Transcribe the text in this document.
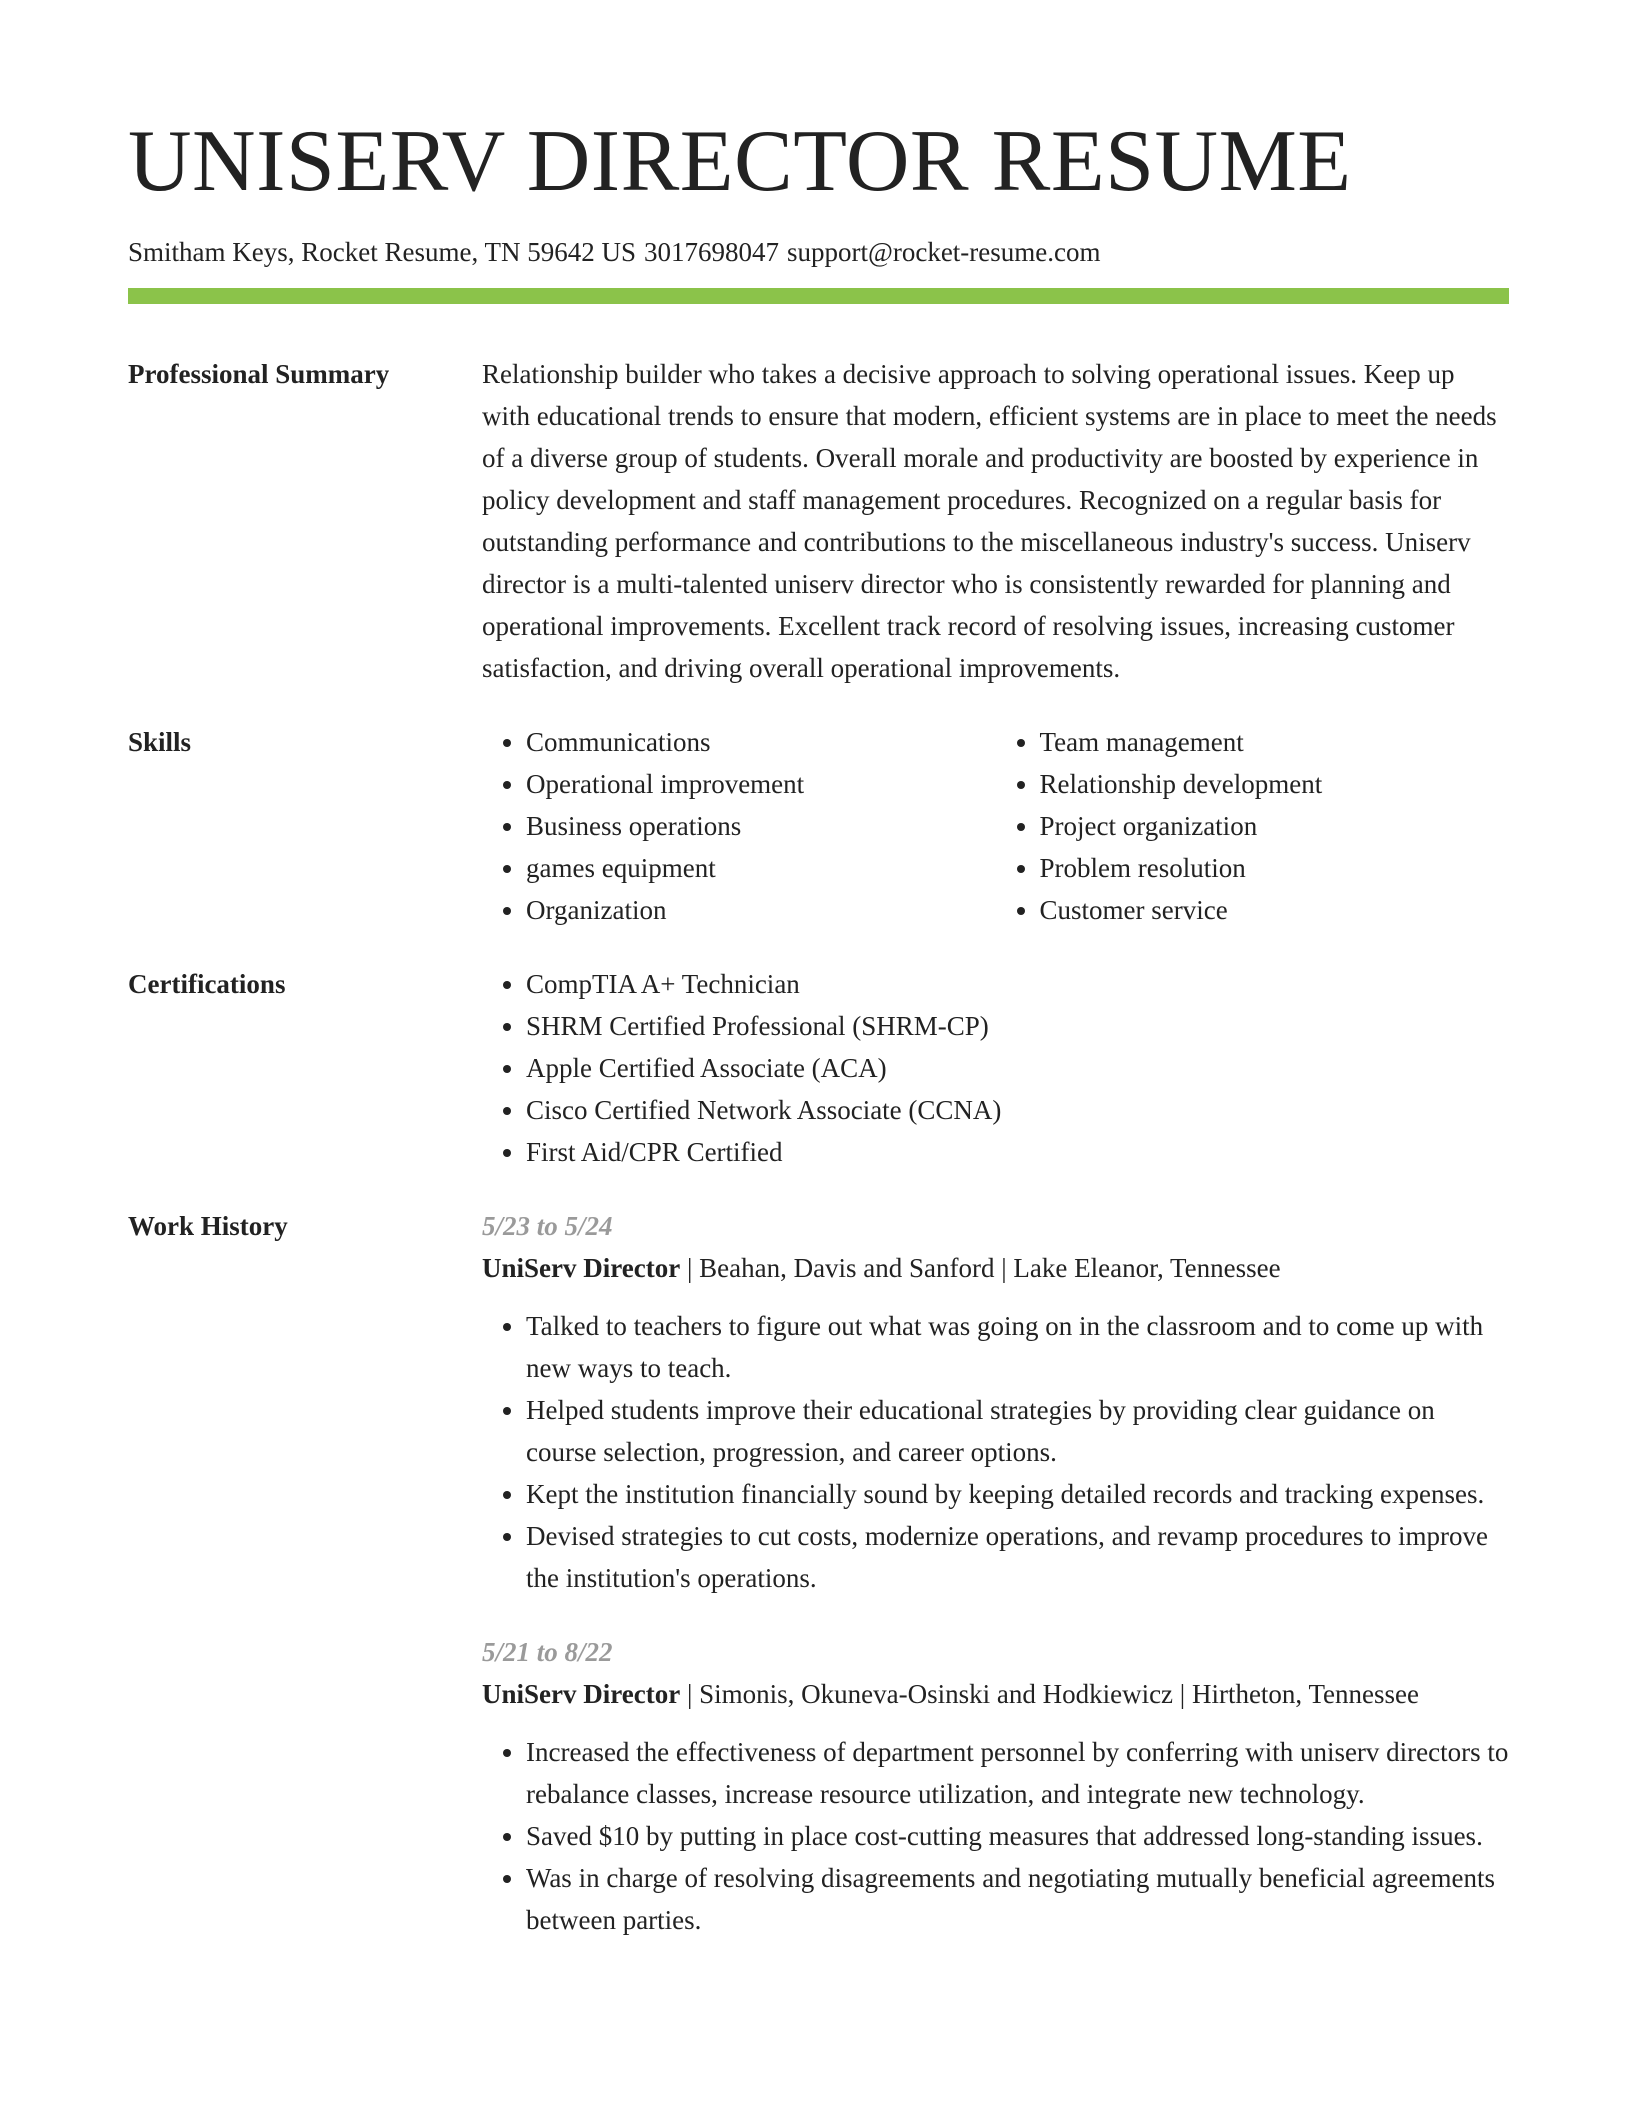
UNISERV DIRECTOR RESUME
Smitham Keys, Rocket Resume, TN 59642 US 3017698047 support@rocket-resume.com
Professional Summary	Relationship builder who takes a decisive approach to solving operational issues. Keep up with educational trends to ensure that modern, efficient systems are in place to meet the needs of a diverse group of students. Overall morale and productivity are boosted by experience in policy development and staff management procedures. Recognized on a regular basis for outstanding performance and contributions to the miscellaneous industry's success. Uniserv director is a multi-talented uniserv director who is consistently rewarded for planning and operational improvements. Excellent track record of resolving issues, increasing customer satisfaction, and driving overall operational improvements.
Skills	• Communications
• Operational improvement
• Business operations
• games equipment
• Organization
• Team management
• Relationship development
• Project organization
• Problem resolution
• Customer service
Certifications	• CompTIA A+ Technician
• SHRM Certified Professional (SHRM-CP)
• Apple Certified Associate (ACA)
• Cisco Certified Network Associate (CCNA)
• First Aid/CPR Certified
Work History	5/23 to 5/24
UniServ Director | Beahan, Davis and Sanford | Lake Eleanor, Tennessee
• Talked to teachers to figure out what was going on in the classroom and to come up with new ways to teach.
• Helped students improve their educational strategies by providing clear guidance on course selection, progression, and career options.
• Kept the institution financially sound by keeping detailed records and tracking expenses.
• Devised strategies to cut costs, modernize operations, and revamp procedures to improve the institution's operations.
5/21 to 8/22
UniServ Director | Simonis, Okuneva-Osinski and Hodkiewicz | Hirtheton, Tennessee
• Increased the effectiveness of department personnel by conferring with uniserv directors to rebalance classes, increase resource utilization, and integrate new technology.
• Saved $10 by putting in place cost-cutting measures that addressed long-standing issues.
• Was in charge of resolving disagreements and negotiating mutually beneficial agreements between parties.
